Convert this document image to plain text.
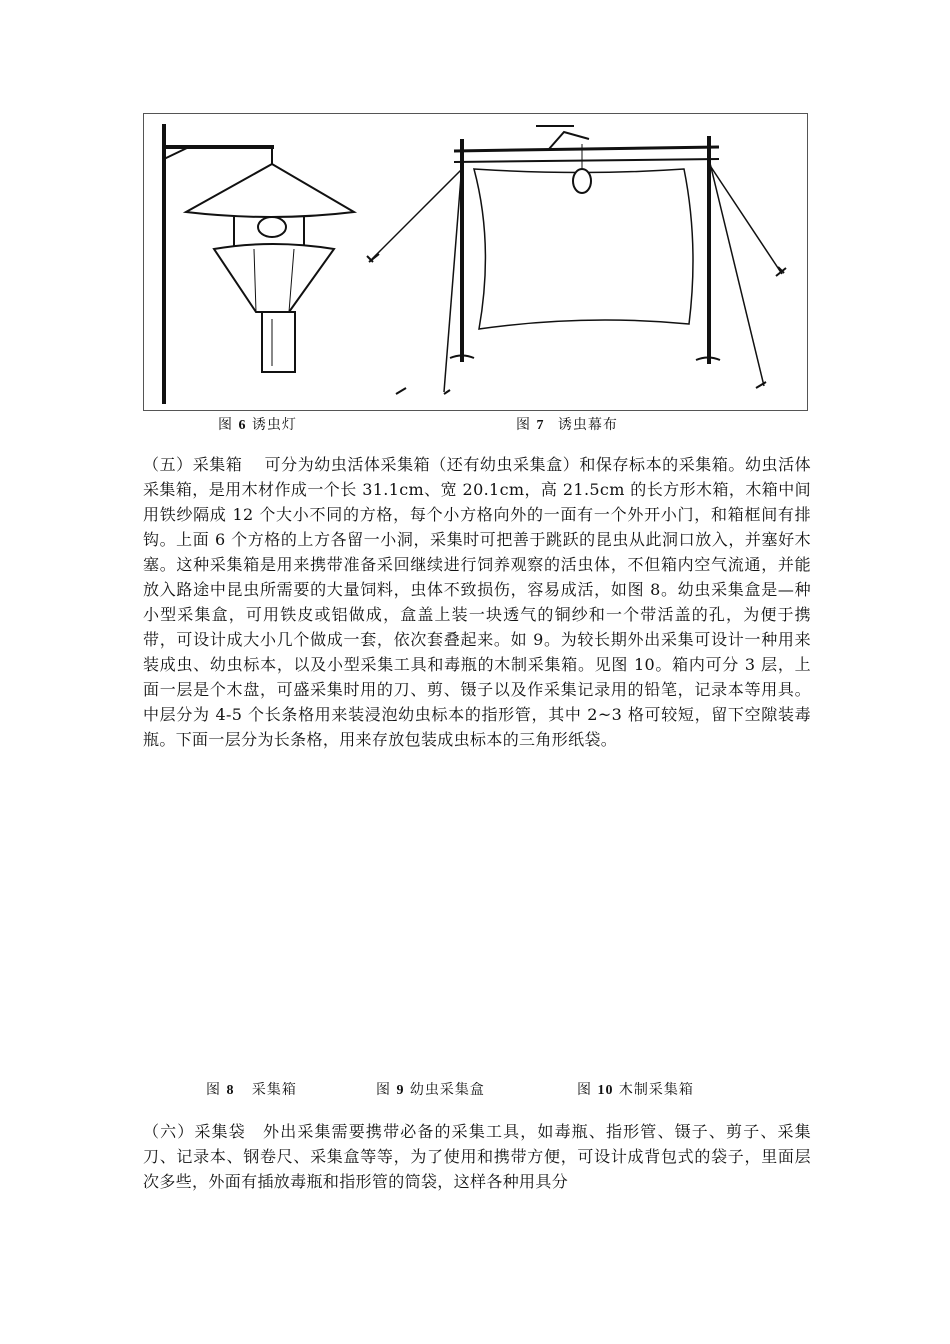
图 6 诱虫灯	图 7 诱虫幕布

（五）采集箱　 可分为幼虫活体采集箱（还有幼虫采集盒）和保存标本的采集箱。幼虫活体采集箱，是用木材作成一个长 31.1cm、宽 20.1cm，高 21.5cm 的长方形木箱，木箱中间用铁纱隔成 12 个大小不同的方格，每个小方格向外的一面有一个外开小门，和箱框间有排钩。上面 6 个方格的上方各留一小洞，采集时可把善于跳跃的昆虫从此洞口放入，并塞好木塞。这种采集箱是用来携带准备采回继续进行饲养观察的活虫体，不但箱内空气流通，并能放入路途中昆虫所需要的大量饲料，虫体不致损伤，容易成活，如图 8。幼虫采集盒是—种小型采集盒，可用铁皮或铝做成，盒盖上装一块透气的铜纱和一个带活盖的孔，为便于携带，可设计成大小几个做成一套，依次套叠起来。如 9。为较长期外出采集可设计一种用来装成虫、幼虫标本，以及小型采集工具和毒瓶的木制采集箱。见图 10。箱内可分 3 层，上面一层是个木盘，可盛采集时用的刀、剪、镊子以及作采集记录用的铅笔，记录本等用具。中层分为 4-5 个长条格用来装浸泡幼虫标本的指形管，其中 2~3 格可较短，留下空隙装毒瓶。下面一层分为长条格，用来存放包装成虫标本的三角形纸袋。

图 8 采集箱	图 9 幼虫采集盒	图 10 木制采集箱

（六）采集袋　外出采集需要携带必备的采集工具，如毒瓶、指形管、镊子、剪子、采集刀、记录本、钢卷尺、采集盒等等，为了使用和携带方便，可设计成背包式的袋子，里面层次多些，外面有插放毒瓶和指形管的筒袋，这样各种用具分
